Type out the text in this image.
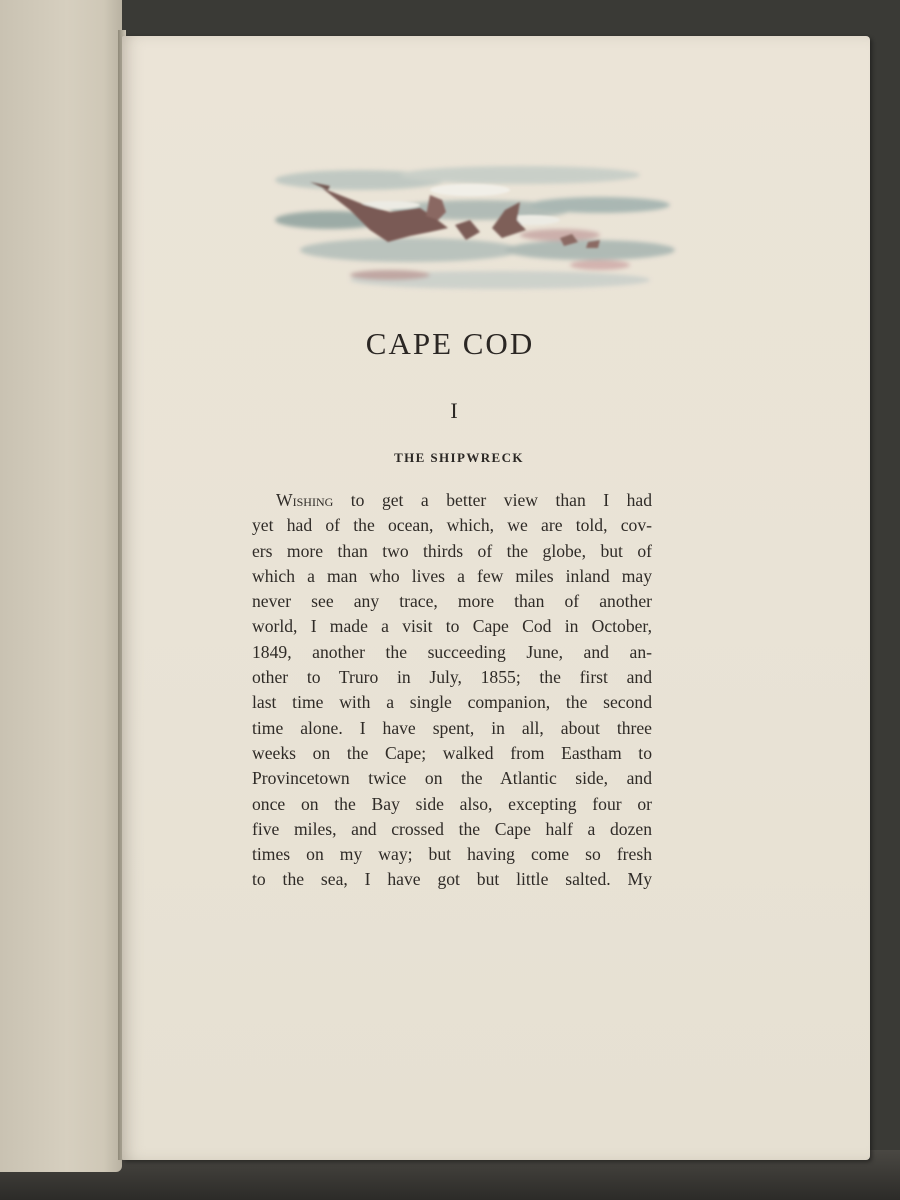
CAPE COD
I
THE SHIPWRECK
Wishing to get a better view than I had
yet had of the ocean, which, we are told, cov-
ers more than two thirds of the globe, but of
which a man who lives a few miles inland may
never see any trace, more than of another
world, I made a visit to Cape Cod in October,
1849, another the succeeding June, and an-
other to Truro in July, 1855; the first and
last time with a single companion, the second
time alone. I have spent, in all, about three
weeks on the Cape; walked from Eastham to
Provincetown twice on the Atlantic side, and
once on the Bay side also, excepting four or
five miles, and crossed the Cape half a dozen
times on my way; but having come so fresh
to the sea, I have got but little salted. My
